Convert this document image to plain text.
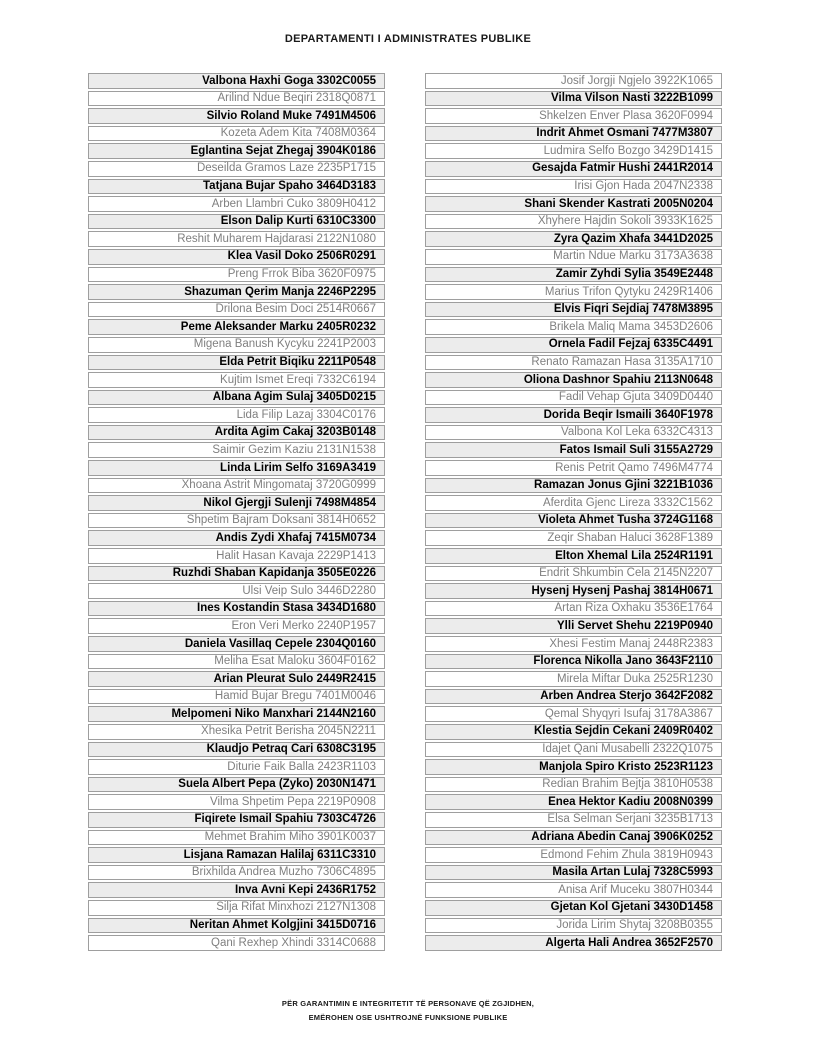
DEPARTAMENTI I ADMINISTRATES PUBLIKE
Valbona Haxhi Goga 3302C0055
Arilind Ndue Beqiri 2318Q0871
Silvio Roland Muke 7491M4506
Kozeta Adem Kita 7408M0364
Eglantina Sejat Zhegaj 3904K0186
Deseilda Gramos Laze 2235P1715
Tatjana Bujar Spaho 3464D3183
Arben Llambri Cuko 3809H0412
Elson Dalip Kurti 6310C3300
Reshit Muharem Hajdarasi 2122N1080
Klea Vasil Doko 2506R0291
Preng Frrok Biba 3620F0975
Shazuman Qerim Manja 2246P2295
Drilona Besim Doci 2514R0667
Peme Aleksander Marku 2405R0232
Migena Banush Kycyku 2241P2003
Elda Petrit Biqiku 2211P0548
Kujtim Ismet Ereqi 7332C6194
Albana Agim Sulaj 3405D0215
Lida Filip Lazaj 3304C0176
Ardita Agim Cakaj 3203B0148
Saimir Gezim Kaziu 2131N1538
Linda Lirim Selfo 3169A3419
Xhoana Astrit Mingomataj 3720G0999
Nikol Gjergji Sulenji 7498M4854
Shpetim Bajram Doksani 3814H0652
Andis Zydi Xhafaj 7415M0734
Halit Hasan Kavaja 2229P1413
Ruzhdi Shaban Kapidanja 3505E0226
Ulsi Veip Sulo 3446D2280
Ines Kostandin Stasa 3434D1680
Eron Veri Merko 2240P1957
Daniela Vasillaq Cepele 2304Q0160
Meliha Esat Maloku 3604F0162
Arian Pleurat Sulo 2449R2415
Hamid Bujar Bregu 7401M0046
Melpomeni Niko Manxhari 2144N2160
Xhesika Petrit Berisha 2045N2211
Klaudjo Petraq Cari 6308C3195
Diturie Faik Balla 2423R1103
Suela Albert Pepa (Zyko) 2030N1471
Vilma Shpetim Pepa 2219P0908
Fiqirete Ismail Spahiu 7303C4726
Mehmet Brahim Miho 3901K0037
Lisjana Ramazan Halilaj 6311C3310
Brixhilda Andrea Muzho 7306C4895
Inva Avni Kepi 2436R1752
Silja Rifat Minxhozi 2127N1308
Neritan Ahmet Kolgjini 3415D0716
Qani Rexhep Xhindi 3314C0688
Josif Jorgji Ngjelo 3922K1065
Vilma Vilson Nasti 3222B1099
Shkelzen Enver Plasa 3620F0994
Indrit Ahmet Osmani 7477M3807
Ludmira Selfo Bozgo 3429D1415
Gesajda Fatmir Hushi 2441R2014
Irisi Gjon Hada 2047N2338
Shani Skender Kastrati 2005N0204
Xhyhere Hajdin Sokoli 3933K1625
Zyra Qazim Xhafa 3441D2025
Martin Ndue Marku 3173A3638
Zamir Zyhdi Sylia 3549E2448
Marius Trifon Qytyku 2429R1406
Elvis Fiqri Sejdiaj 7478M3895
Brikela Maliq Mama 3453D2606
Ornela Fadil Fejzaj 6335C4491
Renato Ramazan Hasa 3135A1710
Oliona Dashnor Spahiu 2113N0648
Fadil Vehap Gjuta 3409D0440
Dorida Beqir Ismaili 3640F1978
Valbona Kol Leka 6332C4313
Fatos Ismail Suli 3155A2729
Renis Petrit Qamo 7496M4774
Ramazan Jonus Gjini 3221B1036
Aferdita Gjenc Lireza 3332C1562
Violeta Ahmet Tusha 3724G1168
Zeqir Shaban Haluci 3628F1389
Elton Xhemal Lila 2524R1191
Endrit Shkumbin Cela 2145N2207
Hysenj Hysenj Pashaj 3814H0671
Artan Riza Oxhaku 3536E1764
Ylli Servet Shehu 2219P0940
Xhesi Festim Manaj 2448R2383
Florenca Nikolla Jano 3643F2110
Mirela Miftar Duka 2525R1230
Arben Andrea Sterjo 3642F2082
Qemal Shyqyri Isufaj 3178A3867
Klestia Sejdin Cekani 2409R0402
Idajet Qani Musabelli 2322Q1075
Manjola Spiro Kristo 2523R1123
Redian Brahim Bejtja 3810H0538
Enea Hektor Kadiu 2008N0399
Elsa Selman Serjani 3235B1713
Adriana Abedin Canaj 3906K0252
Edmond Fehim Zhula 3819H0943
Masila Artan Lulaj 7328C5993
Anisa Arif Muceku 3807H0344
Gjetan Kol Gjetani 3430D1458
Jorida Lirim Shytaj 3208B0355
Algerta Hali Andrea 3652F2570
PËR GARANTIMIN E INTEGRITETIT TË PERSONAVE QË ZGJIDHEN,
EMËROHEN OSE USHTROJNË FUNKSIONE PUBLIKE
